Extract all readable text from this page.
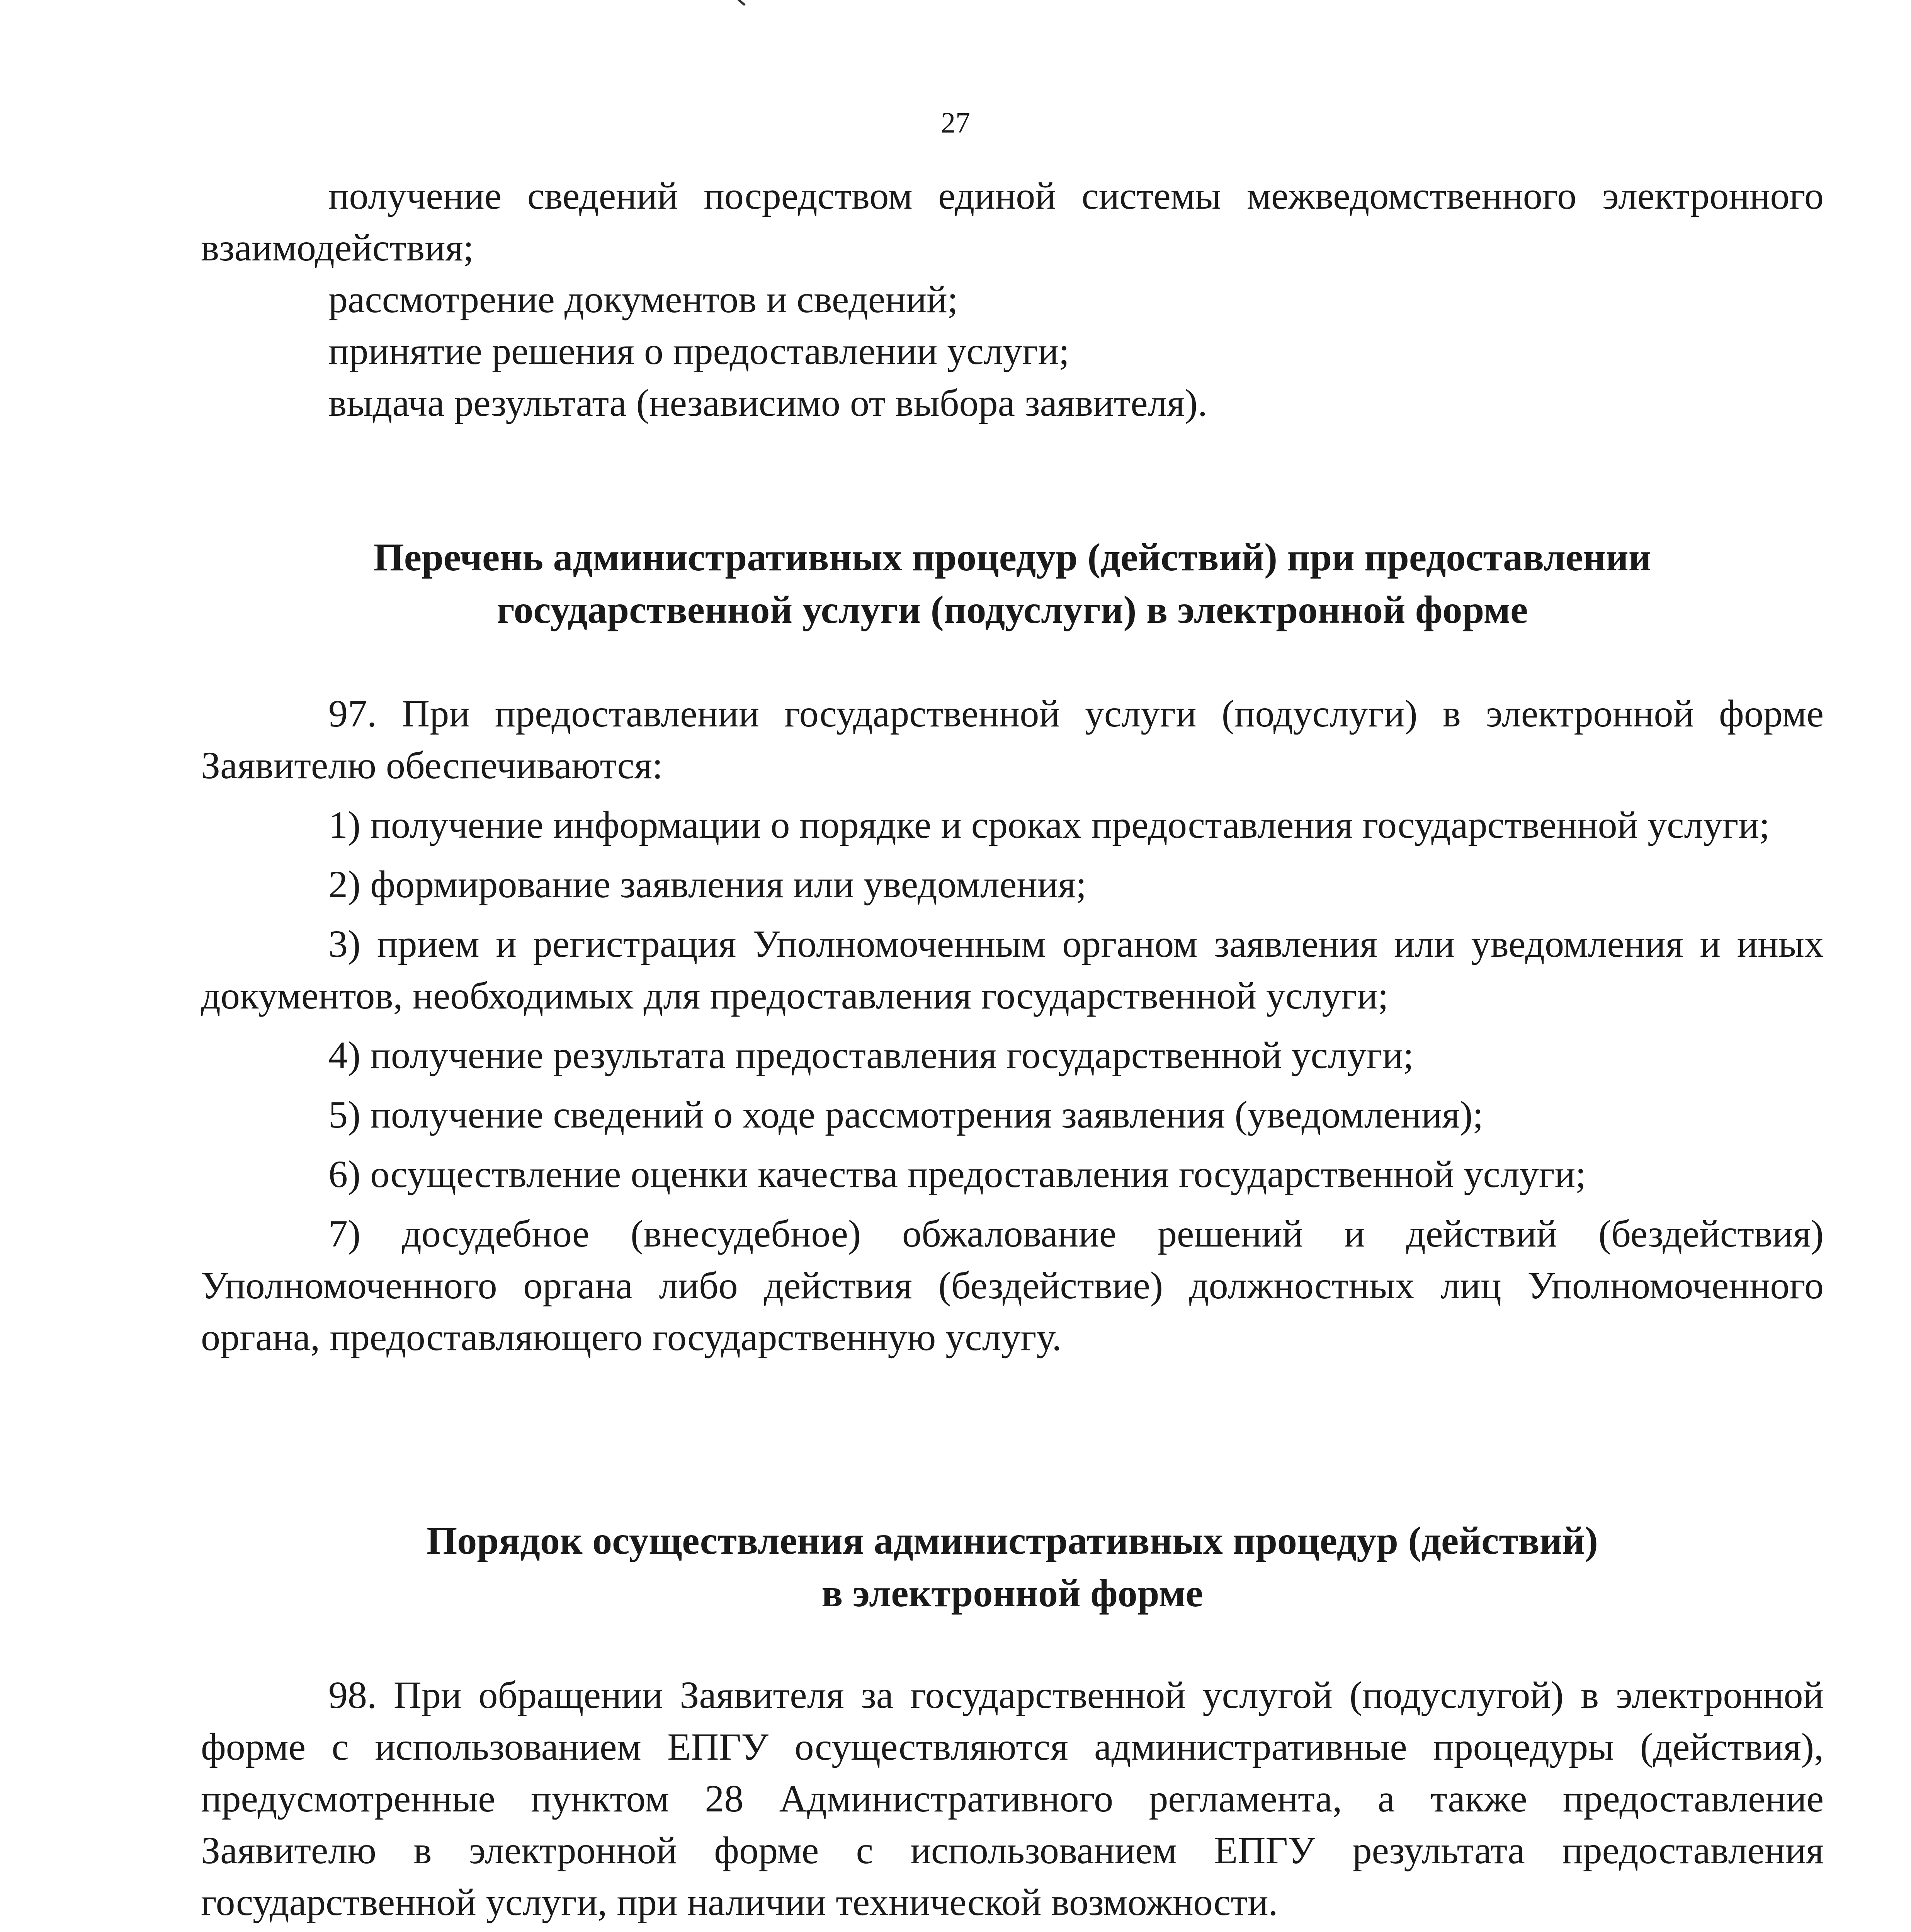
27

получение сведений посредством единой системы межведомственного электронного взаимодействия;

рассмотрение документов и сведений;

принятие решения о предоставлении услуги;

выдача результата (независимо от выбора заявителя).

Перечень административных процедур (действий) при предоставлении

государственной услуги (подуслуги) в электронной форме

97. При предоставлении государственной услуги (подуслуги) в электронной форме Заявителю обеспечиваются:

1) получение информации о порядке и сроках предоставления государственной услуги;

2) формирование заявления или уведомления;

3) прием и регистрация Уполномоченным органом заявления или уведомления и иных документов, необходимых для предоставления государственной услуги;

4) получение результата предоставления государственной услуги;

5) получение сведений о ходе рассмотрения заявления (уведомления);

6) осуществление оценки качества предоставления государственной услуги;

7) досудебное (внесудебное) обжалование решений и действий (бездействия) Уполномоченного органа либо действия (бездействие) должностных лиц Уполномоченного органа, предоставляющего государственную услугу.

Порядок осуществления административных процедур (действий)

в электронной форме

98. При обращении Заявителя за государственной услугой (подуслугой) в электронной форме с использованием ЕПГУ осуществляются административные процедуры (действия), предусмотренные пунктом 28 Административного регламента, а также предоставление Заявителю в электронной форме с использованием ЕПГУ результата предоставления государственной услуги, при наличии технической возможности.
